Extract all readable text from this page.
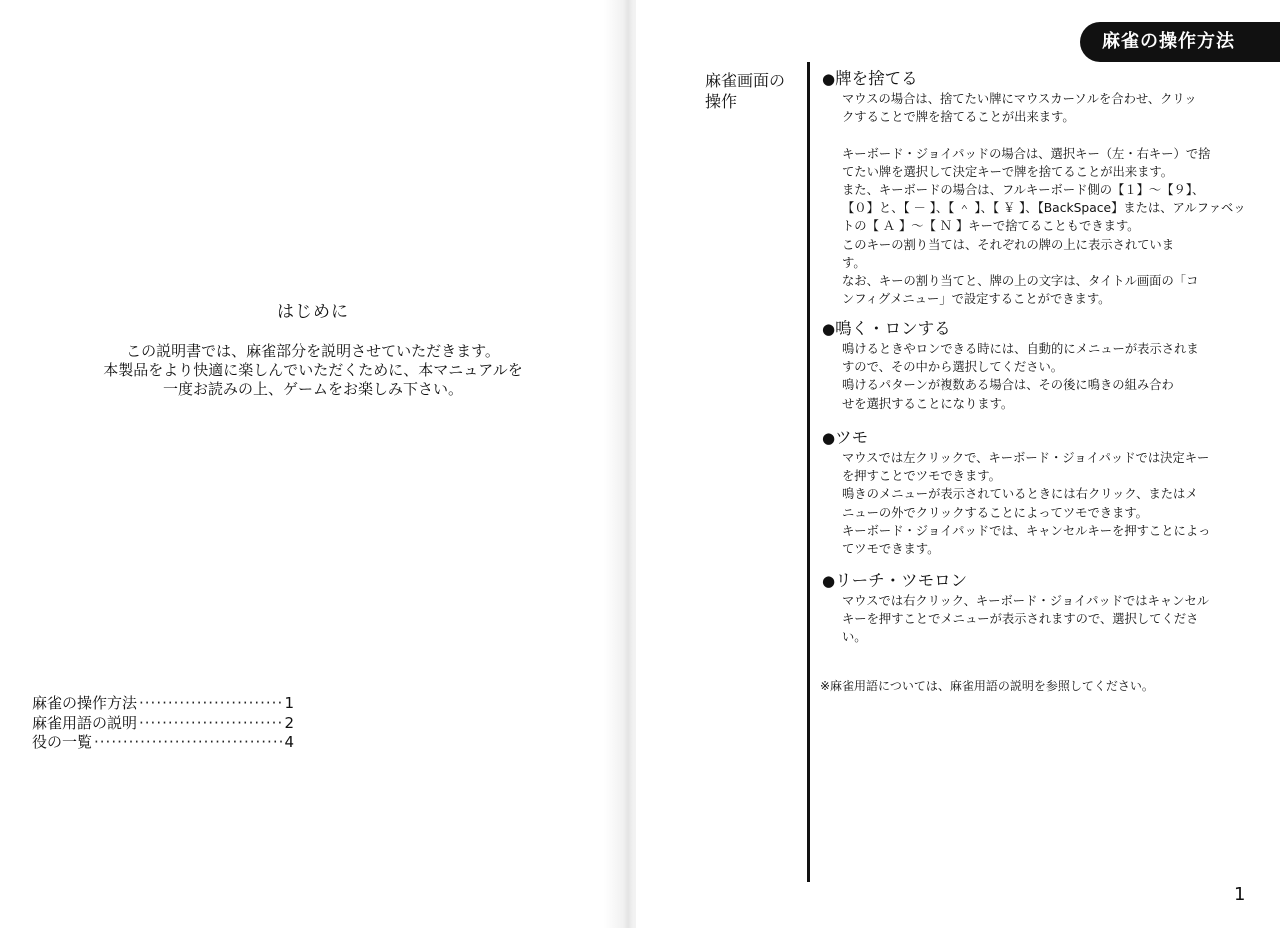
はじめに
この説明書では、麻雀部分を説明させていただきます。
本製品をより快適に楽しんでいただくために、本マニュアルを
一度お読みの上、ゲームをお楽しみ下さい。
麻雀の操作方法 ·····	1
麻雀用語の説明 ·····	2
役の一覧 ·····	4
麻雀の操作方法
麻雀画面の
操作
●牌を捨てる
マウスの場合は、捨てたい牌にマウスカーソルを合わせ、クリッ
クすることで牌を捨てることが出来ます。
キーボード・ジョイパッドの場合は、選択キー（左・右キー）で捨
てたい牌を選択して決定キーで牌を捨てることが出来ます。
また、キーボードの場合は、フルキーボード側の【１】～【９】、
【０】と、【 － 】、【 ＾ 】、【 ￥ 】、【BackSpace】または、アルファベッ
トの【 Ａ 】～【 Ｎ 】キーで捨てることもできます。
このキーの割り当ては、それぞれの牌の上に表示されていま
す。
なお、キーの割り当てと、牌の上の文字は、タイトル画面の「コ
ンフィグメニュー」で設定することができます。
●鳴く・ロンする
鳴けるときやロンできる時には、自動的にメニューが表示されま
すので、その中から選択してください。
鳴けるパターンが複数ある場合は、その後に鳴きの組み合わ
せを選択することになります。
●ツモ
マウスでは左クリックで、キーボード・ジョイパッドでは決定キー
を押すことでツモできます。
鳴きのメニューが表示されているときには右クリック、またはメ
ニューの外でクリックすることによってツモできます。
キーボード・ジョイパッドでは、キャンセルキーを押すことによっ
てツモできます。
●リーチ・ツモロン
マウスでは右クリック、キーボード・ジョイパッドではキャンセル
キーを押すことでメニューが表示されますので、選択してくださ
い。
※麻雀用語については、麻雀用語の説明を参照してください。
1
